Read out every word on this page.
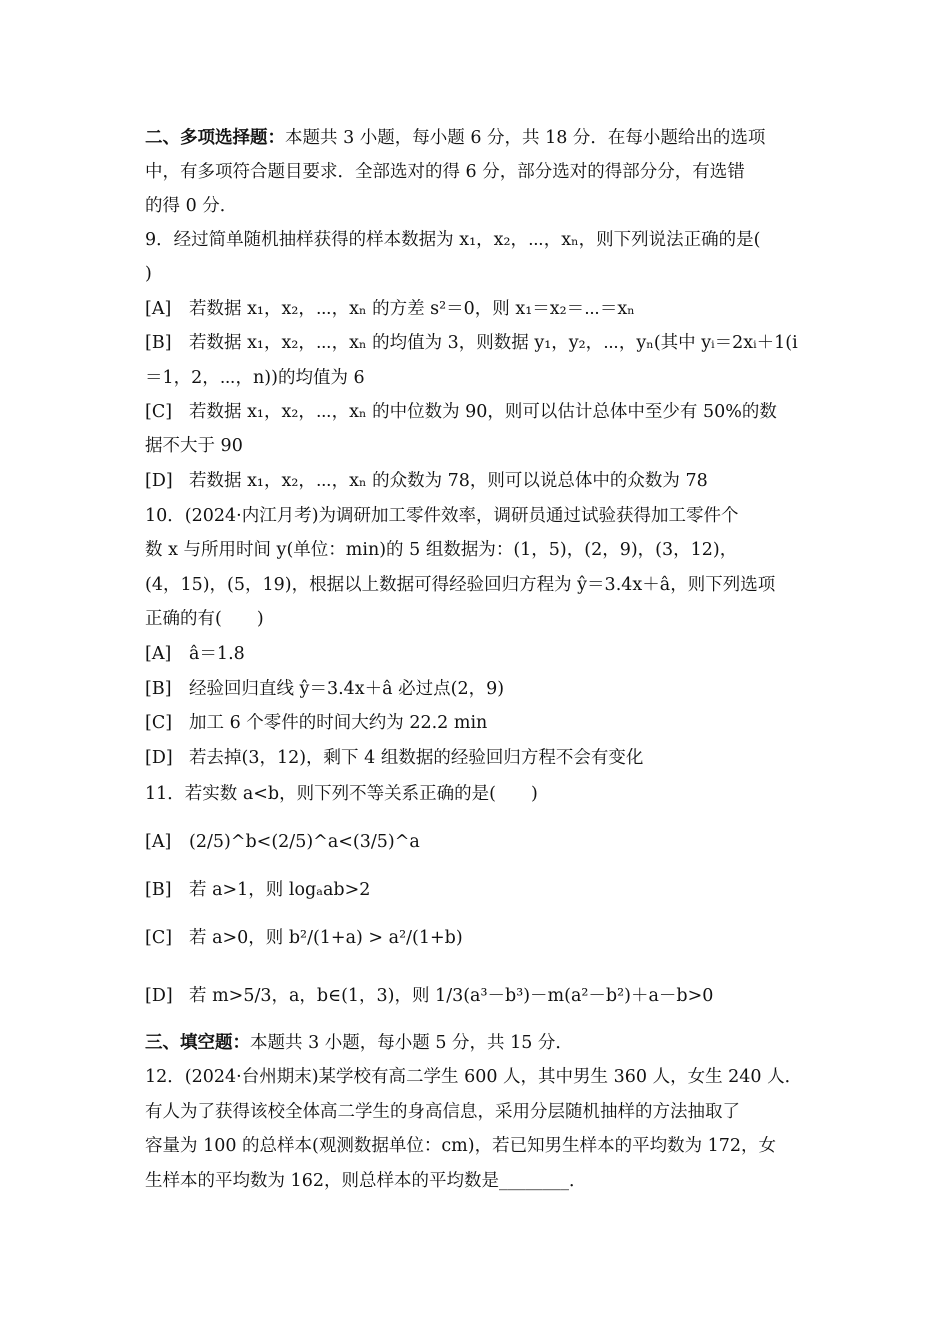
二、多项选择题：本题共 3 小题，每小题 6 分，共 18 分．在每小题给出的选项
中，有多项符合题目要求．全部选对的得 6 分，部分选对的得部分分，有选错
的得 0 分．
9．经过简单随机抽样获得的样本数据为 x₁，x₂，⋯，xₙ，则下列说法正确的是(
)
[A] 若数据 x₁，x₂，⋯，xₙ 的方差 s²＝0，则 x₁＝x₂＝⋯＝xₙ
[B] 若数据 x₁，x₂，⋯，xₙ 的均值为 3，则数据 y₁，y₂，⋯，yₙ(其中 yᵢ＝2xᵢ＋1(i
＝1，2，⋯，n))的均值为 6
[C] 若数据 x₁，x₂，⋯，xₙ 的中位数为 90，则可以估计总体中至少有 50%的数
据不大于 90
[D] 若数据 x₁，x₂，⋯，xₙ 的众数为 78，则可以说总体中的众数为 78
10．(2024·内江月考)为调研加工零件效率，调研员通过试验获得加工零件个
数 x 与所用时间 y(单位：min)的 5 组数据为：(1，5)，(2，9)，(3，12)，
(4，15)，(5，19)，根据以上数据可得经验回归方程为 ŷ＝3.4x＋â，则下列选项
正确的有(　　)
[A] â＝1.8
[B] 经验回归直线 ŷ＝3.4x＋â 必过点(2，9)
[C] 加工 6 个零件的时间大约为 22.2 min
[D] 若去掉(3，12)，剩下 4 组数据的经验回归方程不会有变化
11．若实数 a<b，则下列不等关系正确的是(　　)
[A] (2/5)^b<(2/5)^a<(3/5)^a
[B] 若 a>1，则 logₐab>2
[C] 若 a>0，则 b²/(1+a) > a²/(1+b)
[D] 若 m>5/3，a，b∈(1，3)，则 1/3(a³－b³)－m(a²－b²)＋a－b>0
三、填空题：本题共 3 小题，每小题 5 分，共 15 分．
12．(2024·台州期末)某学校有高二学生 600 人，其中男生 360 人，女生 240 人．
有人为了获得该校全体高二学生的身高信息，采用分层随机抽样的方法抽取了
容量为 100 的总样本(观测数据单位：cm)，若已知男生样本的平均数为 172，女
生样本的平均数为 162，则总样本的平均数是________．
